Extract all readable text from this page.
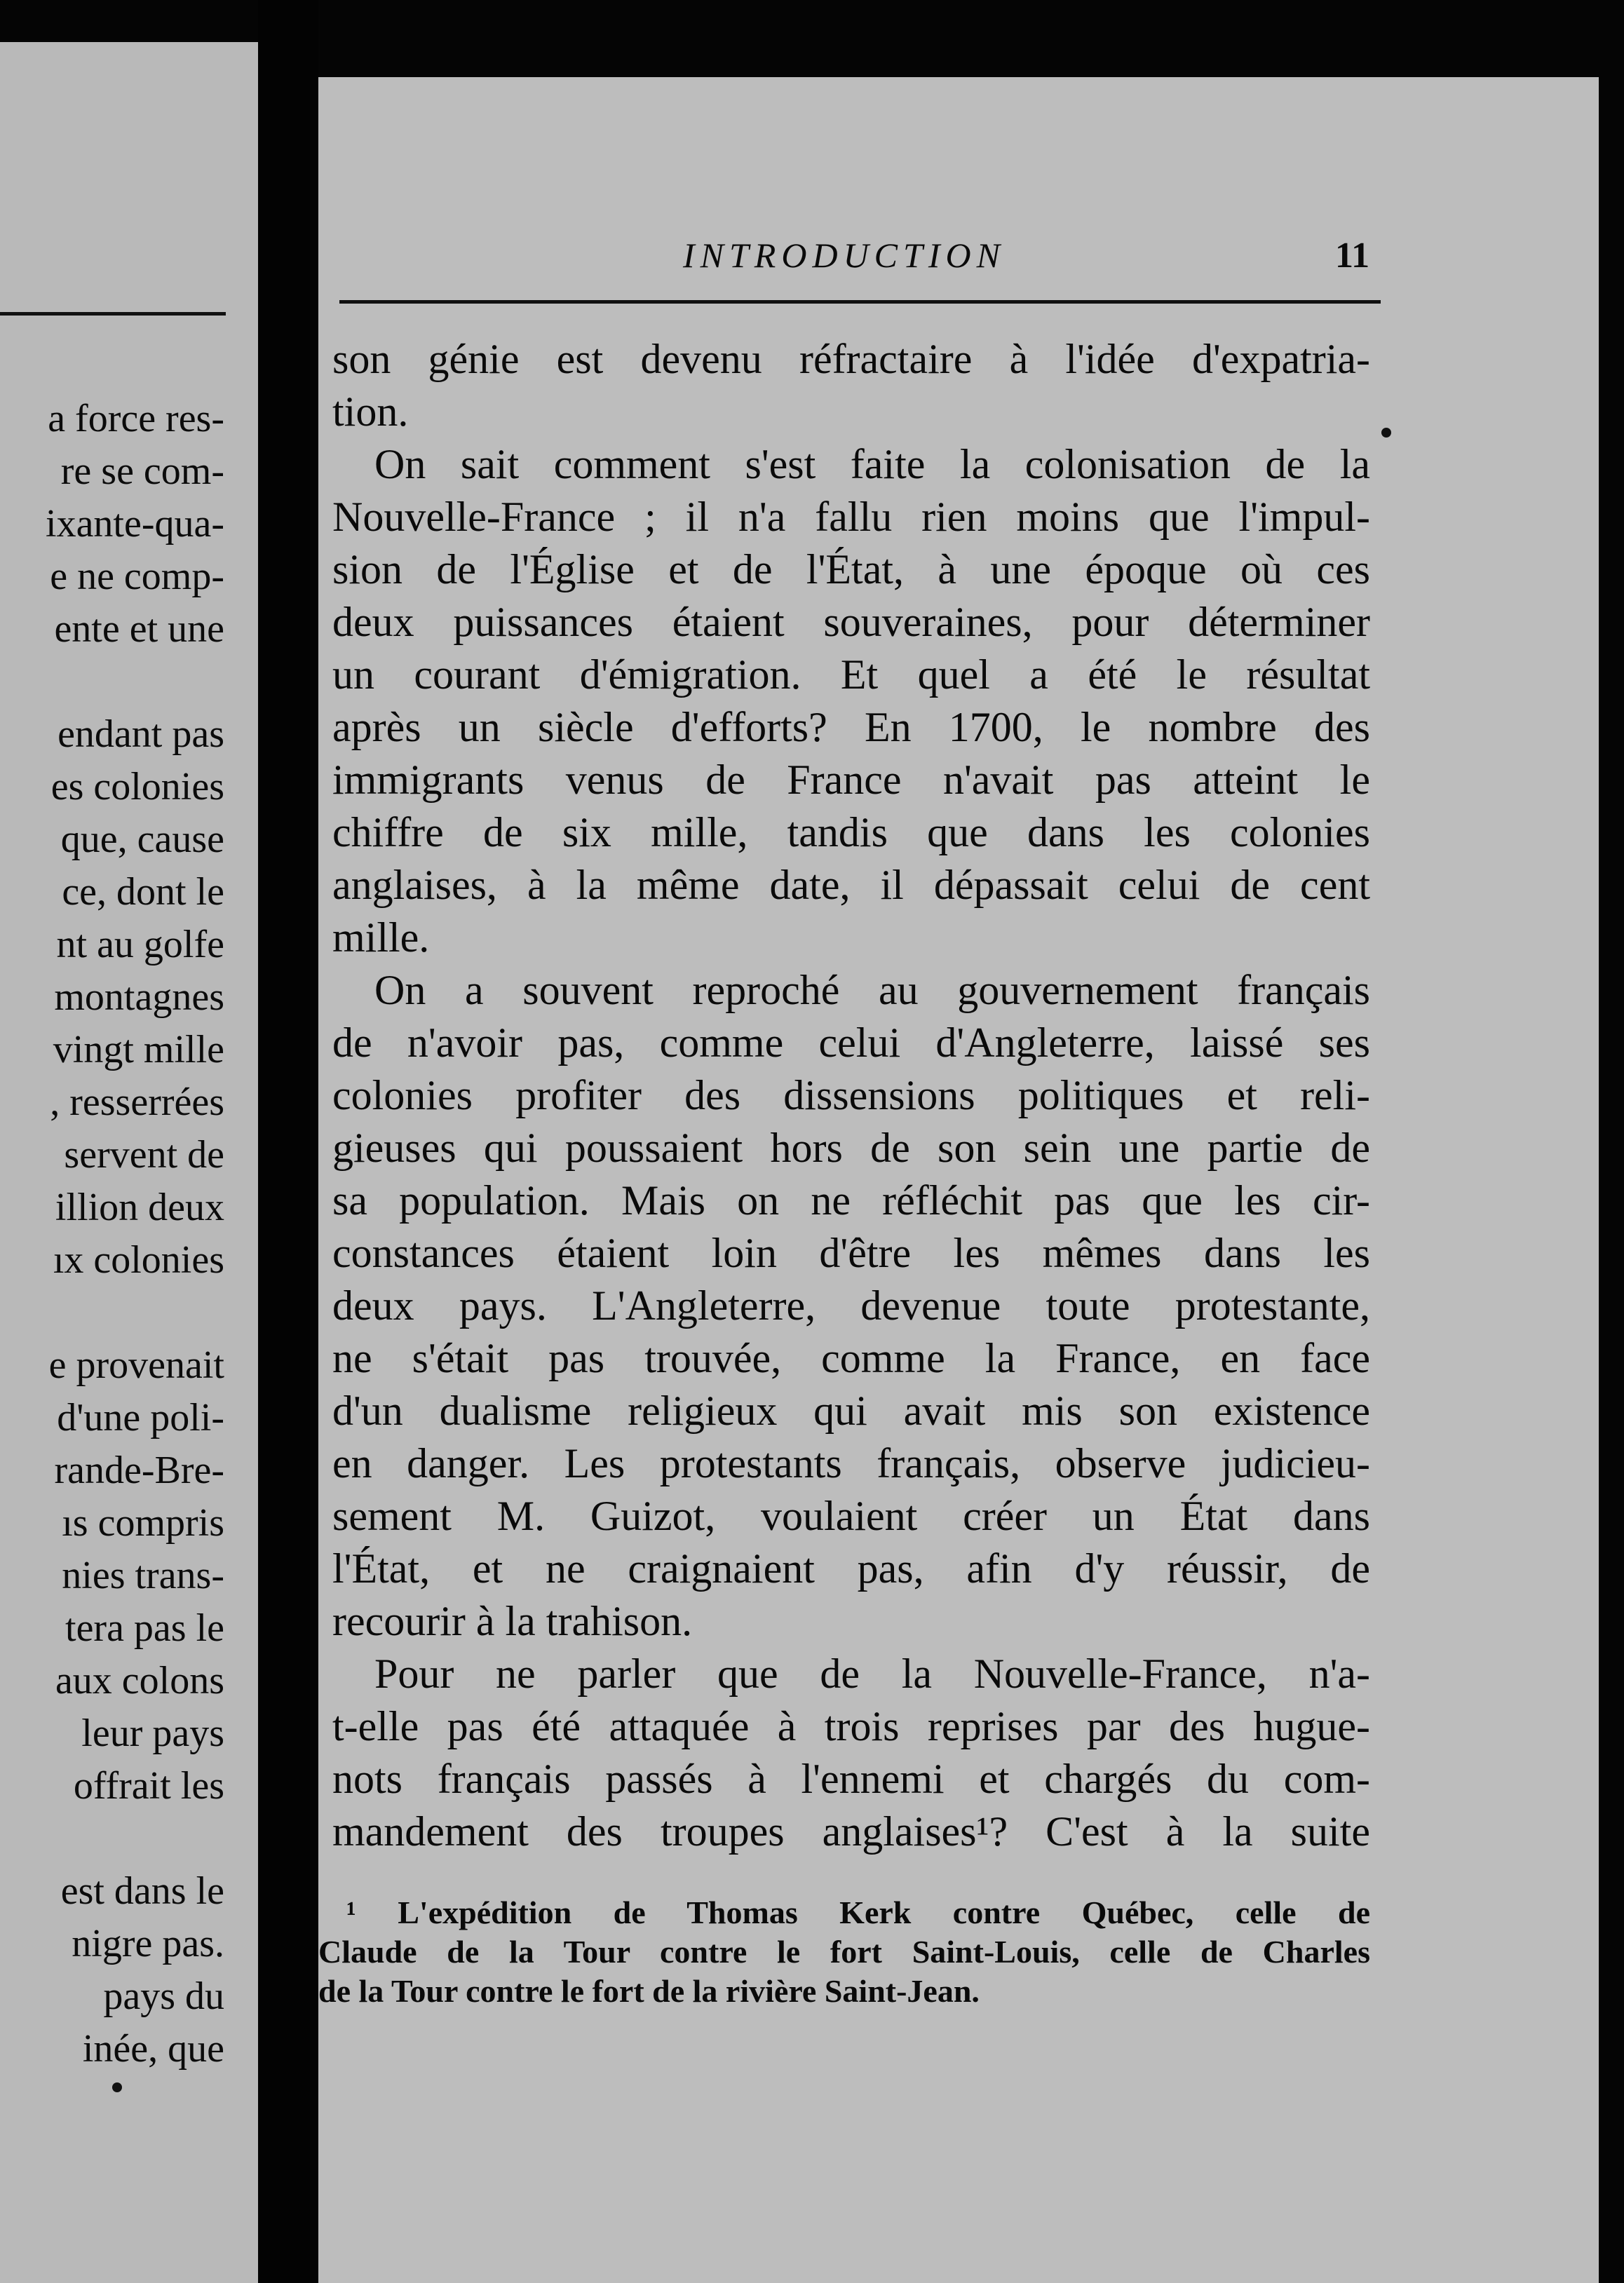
a force res-
re se com-
ixante-qua-
e ne comp-
ente et une
endant pas
es colonies
que, cause
ce, dont le
nt au golfe
montagnes
vingt mille
, resserrées
servent de
illion deux
ıx colonies
e provenait
d'une poli-
rande-Bre-
ıs compris
nies trans-
tera pas le
aux colons
leur pays
offrait les
est dans le
nigre pas.
pays du
inée, que
INTRODUCTION	11
son génie est devenu réfractaire à l'idée d'expatria-
tion.
On sait comment s'est faite la colonisation de la
Nouvelle-France ; il n'a fallu rien moins que l'impul-
sion de l'Église et de l'État, à une époque où ces
deux puissances étaient souveraines, pour déterminer
un courant d'émigration. Et quel a été le résultat
après un siècle d'efforts? En 1700, le nombre des
immigrants venus de France n'avait pas atteint le
chiffre de six mille, tandis que dans les colonies
anglaises, à la même date, il dépassait celui de cent
mille.
On a souvent reproché au gouvernement français
de n'avoir pas, comme celui d'Angleterre, laissé ses
colonies profiter des dissensions politiques et reli-
gieuses qui poussaient hors de son sein une partie de
sa population. Mais on ne réfléchit pas que les cir-
constances étaient loin d'être les mêmes dans les
deux pays. L'Angleterre, devenue toute protestante,
ne s'était pas trouvée, comme la France, en face
d'un dualisme religieux qui avait mis son existence
en danger. Les protestants français, observe judicieu-
sement M. Guizot, voulaient créer un État dans
l'État, et ne craignaient pas, afin d'y réussir, de
recourir à la trahison.
Pour ne parler que de la Nouvelle-France, n'a-
t-elle pas été attaquée à trois reprises par des hugue-
nots français passés à l'ennemi et chargés du com-
mandement des troupes anglaises¹? C'est à la suite
¹ L'expédition de Thomas Kerk contre Québec, celle de
Claude de la Tour contre le fort Saint-Louis, celle de Charles
de la Tour contre le fort de la rivière Saint-Jean.
